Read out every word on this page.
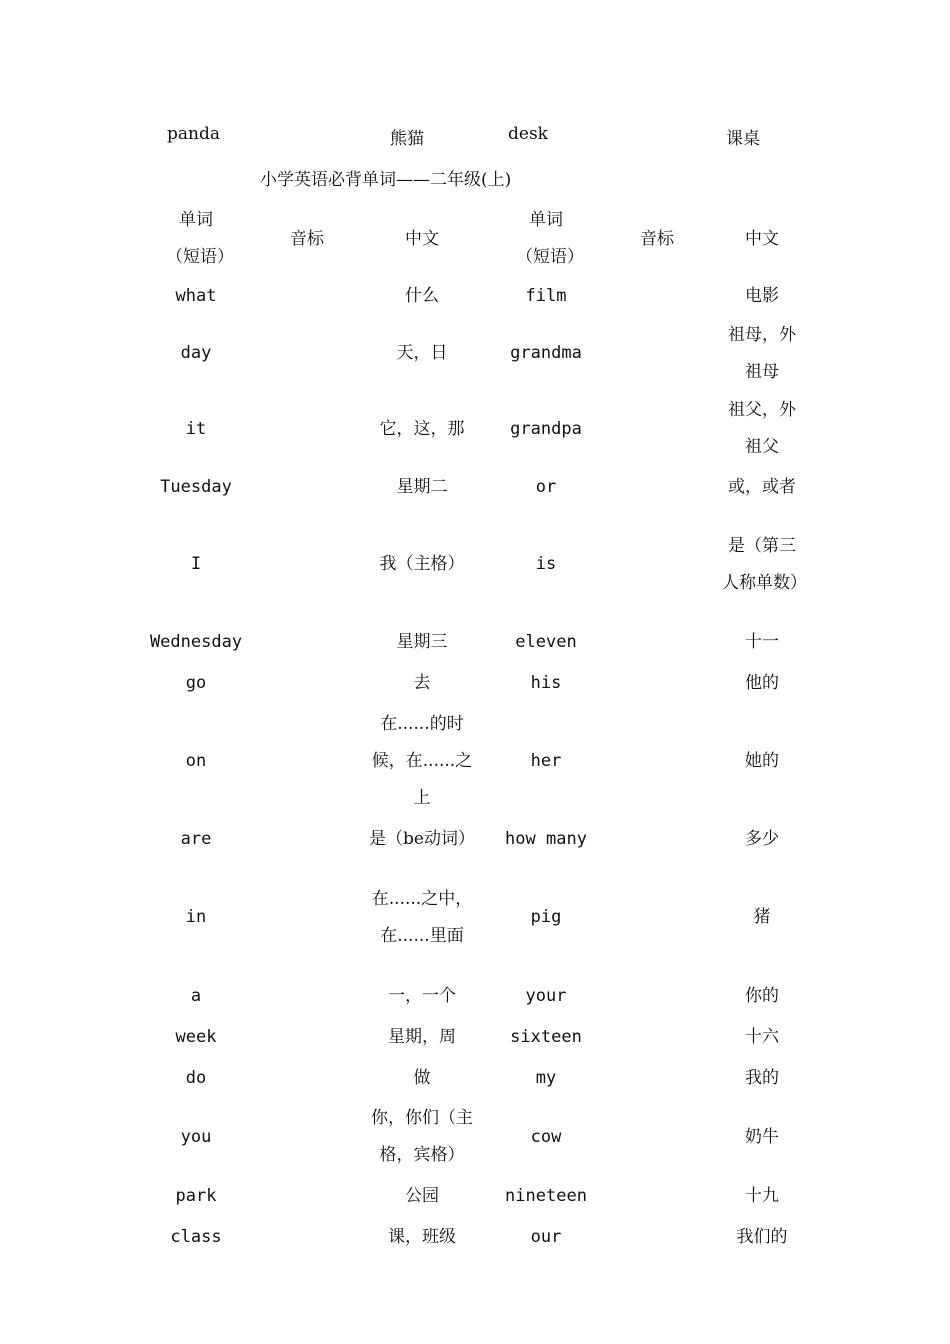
panda	熊猫	desk	课桌
小学英语必背单词——二年级(上)
单词（短语）	音标	中文	单词（短语）	音标	中文

what		什么	film		电影

day		天，日	grandma		祖母，外祖母

it		它，这，那	grandpa		祖父，外祖父

Tuesday		星期二	or		或，或者

I		我（主格）	is		是（第三人称单数）

Wednesday		星期三	eleven		十一

go		去	his		他的

on		在......的时候，在......之上	her		她的

are		是（be动词）	how many		多少

in		在......之中，在......里面	pig		猪

a		一，一个	your		你的

week		星期，周	sixteen		十六

do		做	my		我的

you		你，你们（主格，宾格）	cow		奶牛

park		公园	nineteen		十九

class		课，班级	our		我们的
